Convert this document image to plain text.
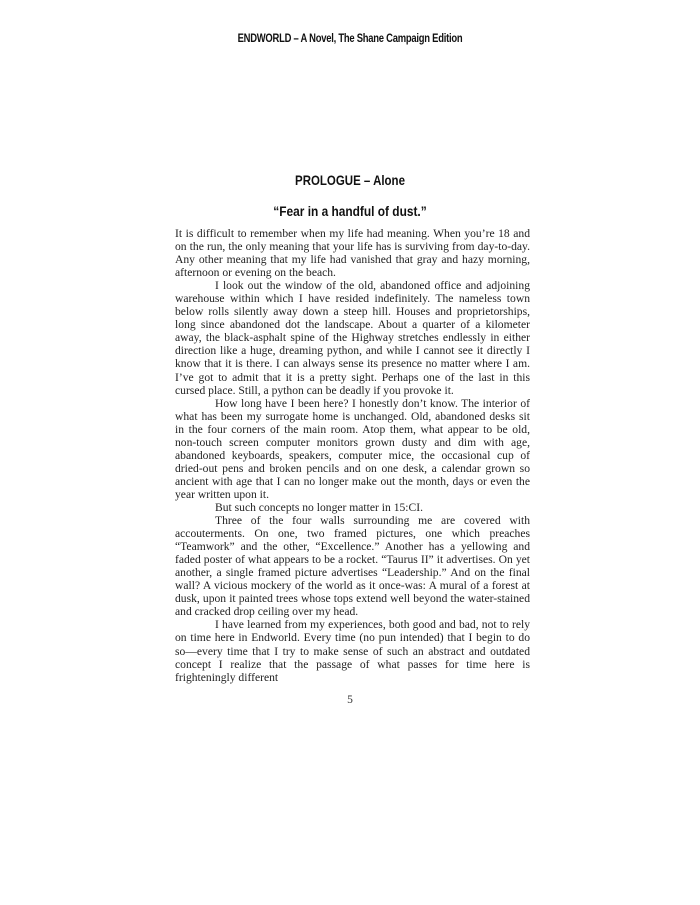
ENDWORLD – A Novel, The Shane Campaign Edition
PROLOGUE – Alone
“Fear in a handful of dust.”

It is difficult to remember when my life had meaning. When you’re 18 and on the run, the only meaning that your life has is surviving from day-to-day. Any other meaning that my life had vanished that gray and hazy morning, afternoon or evening on the beach.

I look out the window of the old, abandoned office and adjoining warehouse within which I have resided indefinitely. The nameless town below rolls silently away down a steep hill. Houses and proprietorships, long since abandoned dot the landscape. About a quarter of a kilometer away, the black-asphalt spine of the Highway stretches endlessly in either direction like a huge, dreaming python, and while I cannot see it directly I know that it is there. I can always sense its presence no matter where I am. I’ve got to admit that it is a pretty sight. Perhaps one of the last in this cursed place. Still, a python can be deadly if you provoke it.

How long have I been here? I honestly don’t know. The interior of what has been my surrogate home is unchanged. Old, abandoned desks sit in the four corners of the main room. Atop them, what appear to be old, non-touch screen computer monitors grown dusty and dim with age, abandoned keyboards, speakers, computer mice, the occasional cup of dried-out pens and broken pencils and on one desk, a calendar grown so ancient with age that I can no longer make out the month, days or even the year written upon it.

But such concepts no longer matter in 15:CI.

Three of the four walls surrounding me are covered with accouterments. On one, two framed pictures, one which preaches “Teamwork” and the other, “Excellence.” Another has a yellowing and faded poster of what appears to be a rocket. “Taurus II” it advertises. On yet another, a single framed picture advertises “Leadership.” And on the final wall? A vicious mockery of the world as it once-was: A mural of a forest at dusk, upon it painted trees whose tops extend well beyond the water-stained and cracked drop ceiling over my head.

I have learned from my experiences, both good and bad, not to rely on time here in Endworld. Every time (no pun intended) that I begin to do so—every time that I try to make sense of such an abstract and outdated concept I realize that the passage of what passes for time here is frighteningly different

5
